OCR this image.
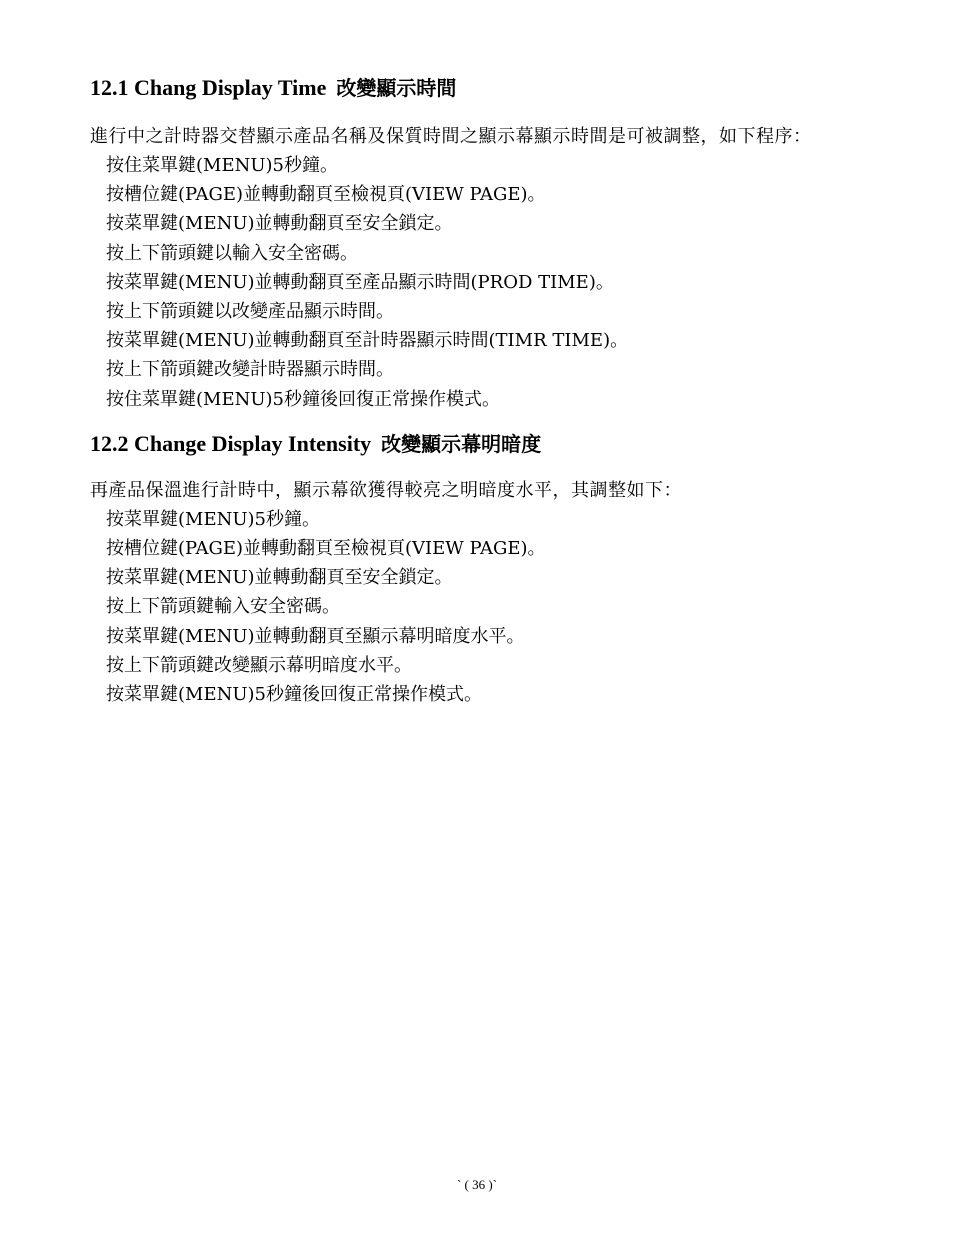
12.1 Chang Display Time 改變顯示時間

進行中之計時器交替顯示產品名稱及保質時間之顯示幕顯示時間是可被調整，如下程序：

按住菜單鍵(MENU)5秒鐘。
按槽位鍵(PAGE)並轉動翻頁至檢視頁(VIEW PAGE)。
按菜單鍵(MENU)並轉動翻頁至安全鎖定。
按上下箭頭鍵以輸入安全密碼。
按菜單鍵(MENU)並轉動翻頁至產品顯示時間(PROD TIME)。
按上下箭頭鍵以改變產品顯示時間。
按菜單鍵(MENU)並轉動翻頁至計時器顯示時間(TIMR TIME)。
按上下箭頭鍵改變計時器顯示時間。
按住菜單鍵(MENU)5秒鐘後回復正常操作模式。
12.2 Change Display Intensity 改變顯示幕明暗度

再產品保溫進行計時中，顯示幕欲獲得較亮之明暗度水平，其調整如下：

按菜單鍵(MENU)5秒鐘。
按槽位鍵(PAGE)並轉動翻頁至檢視頁(VIEW PAGE)。
按菜單鍵(MENU)並轉動翻頁至安全鎖定。
按上下箭頭鍵輸入安全密碼。
按菜單鍵(MENU)並轉動翻頁至顯示幕明暗度水平。
按上下箭頭鍵改變顯示幕明暗度水平。
按菜單鍵(MENU)5秒鐘後回復正常操作模式。
` ( 36 )`
